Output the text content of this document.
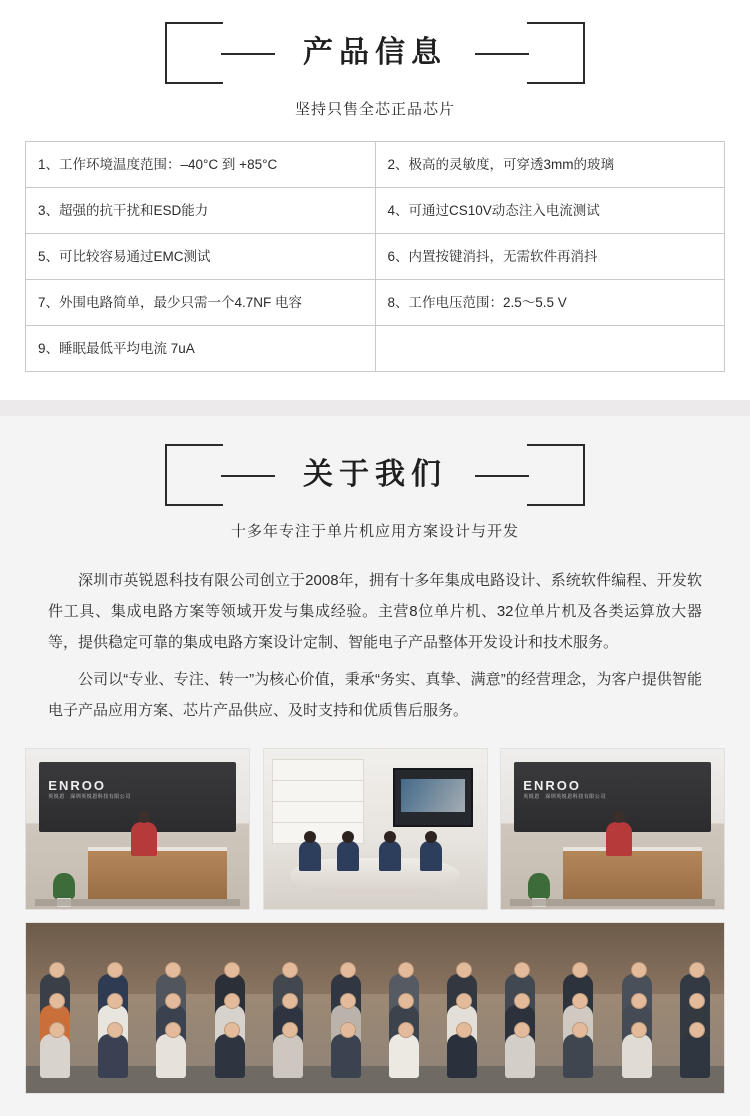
产品信息
坚持只售全芯正品芯片
1、工作环境温度范围：–40°C 到 +85°C	2、极高的灵敏度，可穿透3mm的玻璃
3、超强的抗干扰和ESD能力	4、可通过CS10V动态注入电流测试
5、可比较容易通过EMC测试	6、内置按键消抖，无需软件再消抖
7、外围电路简单，最少只需一个4.7NF 电容	8、工作电压范围：2.5～5.5 V
9、睡眠最低平均电流 7uA	
关于我们
十多年专注于单片机应用方案设计与开发

深圳市英锐恩科技有限公司创立于2008年，拥有十多年集成电路设计、系统软件编程、开发软件工具、集成电路方案等领域开发与集成经验。主营8位单片机、32位单片机及各类运算放大器等，提供稳定可靠的集成电路方案设计定制、智能电子产品整体开发设计和技术服务。

公司以“专业、专注、转一”为核心价值，秉承“务实、真挚、满意”的经营理念，为客户提供智能电子产品应用方案、芯片产品供应、及时支持和优质售后服务。

ENROO
英锐恩　深圳英锐恩科技有限公司
ENROO
英锐恩　深圳英锐恩科技有限公司
